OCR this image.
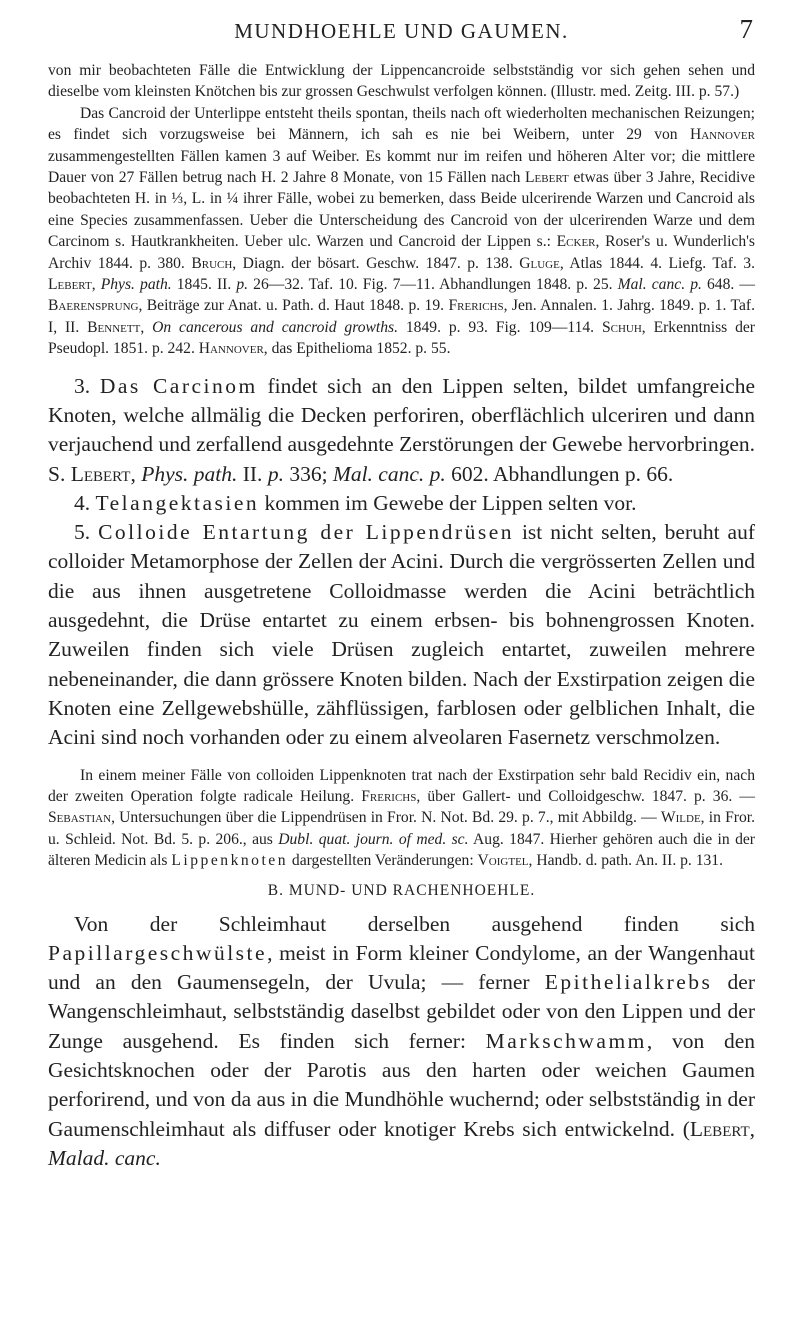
MUNDHOEHLE UND GAUMEN.	7

von mir beobachteten Fälle die Entwicklung der Lippencancroide selbstständig vor sich gehen sehen und dieselbe vom kleinsten Knötchen bis zur grossen Geschwulst verfolgen können. (Illustr. med. Zeitg. III. p. 57.)

Das Cancroid der Unterlippe entsteht theils spontan, theils nach oft wiederholten mechanischen Reizungen; es findet sich vorzugsweise bei Männern, ich sah es nie bei Weibern, unter 29 von Hannover zusammengestellten Fällen kamen 3 auf Weiber. Es kommt nur im reifen und höheren Alter vor; die mittlere Dauer von 27 Fällen betrug nach H. 2 Jahre 8 Monate, von 15 Fällen nach Lebert etwas über 3 Jahre, Recidive beobachteten H. in ⅓, L. in ¼ ihrer Fälle, wobei zu bemerken, dass Beide ulcerirende Warzen und Cancroid als eine Species zusammenfassen. Ueber die Unterscheidung des Cancroid von der ulcerirenden Warze und dem Carcinom s. Hautkrankheiten. Ueber ulc. Warzen und Cancroid der Lippen s.: Ecker, Roser's u. Wunderlich's Archiv 1844. p. 380. Bruch, Diagn. der bösart. Geschw. 1847. p. 138. Gluge, Atlas 1844. 4. Liefg. Taf. 3. Lebert, Phys. path. 1845. II. p. 26—32. Taf. 10. Fig. 7—11. Abhandlungen 1848. p. 25. Mal. canc. p. 648. — Baerensprung, Beiträge zur Anat. u. Path. d. Haut 1848. p. 19. Frerichs, Jen. Annalen. 1. Jahrg. 1849. p. 1. Taf. I, II. Bennett, On cancerous and cancroid growths. 1849. p. 93. Fig. 109—114. Schuh, Erkenntniss der Pseudopl. 1851. p. 242. Hannover, das Epithelioma 1852. p. 55.

3. Das Carcinom findet sich an den Lippen selten, bildet umfangreiche Knoten, welche allmälig die Decken perforiren, oberflächlich ulceriren und dann verjauchend und zerfallend ausgedehnte Zerstörungen der Gewebe hervorbringen. S. Lebert, Phys. path. II. p. 336; Mal. canc. p. 602. Abhandlungen p. 66.

4. Telangektasien kommen im Gewebe der Lippen selten vor.

5. Colloide Entartung der Lippendrüsen ist nicht selten, beruht auf colloider Metamorphose der Zellen der Acini. Durch die vergrösserten Zellen und die aus ihnen ausgetretene Colloidmasse werden die Acini beträchtlich ausgedehnt, die Drüse entartet zu einem erbsen- bis bohnengrossen Knoten. Zuweilen finden sich viele Drüsen zugleich entartet, zuweilen mehrere nebeneinander, die dann grössere Knoten bilden. Nach der Exstirpation zeigen die Knoten eine Zellgewebshülle, zähflüssigen, farblosen oder gelblichen Inhalt, die Acini sind noch vorhanden oder zu einem alveolaren Fasernetz verschmolzen.

In einem meiner Fälle von colloiden Lippenknoten trat nach der Exstirpation sehr bald Recidiv ein, nach der zweiten Operation folgte radicale Heilung. Frerichs, über Gallert- und Colloidgeschw. 1847. p. 36. — Sebastian, Untersuchungen über die Lippendrüsen in Fror. N. Not. Bd. 29. p. 7., mit Abbildg. — Wilde, in Fror. u. Schleid. Not. Bd. 5. p. 206., aus Dubl. quat. journ. of med. sc. Aug. 1847. Hierher gehören auch die in der älteren Medicin als Lippenknoten dargestellten Veränderungen: Voigtel, Handb. d. path. An. II. p. 131.

B. MUND- UND RACHENHOEHLE.

Von der Schleimhaut derselben ausgehend finden sich Papillargeschwülste, meist in Form kleiner Condylome, an der Wangenhaut und an den Gaumensegeln, der Uvula; — ferner Epithelialkrebs der Wangenschleimhaut, selbstständig daselbst gebildet oder von den Lippen und der Zunge ausgehend. Es finden sich ferner: Markschwamm, von den Gesichtsknochen oder der Parotis aus den harten oder weichen Gaumen perforirend, und von da aus in die Mundhöhle wuchernd; oder selbstständig in der Gaumenschleimhaut als diffuser oder knotiger Krebs sich entwickelnd. (Lebert, Malad. canc.
